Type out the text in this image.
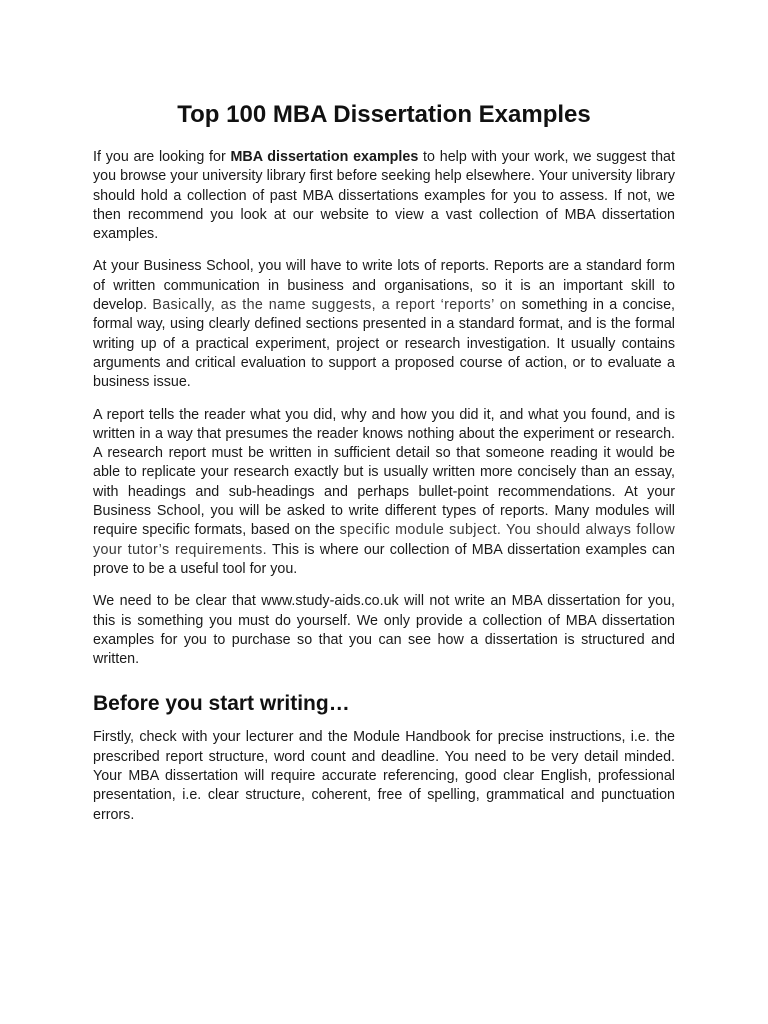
Top 100 MBA Dissertation Examples

If you are looking for MBA dissertation examples to help with your work, we suggest that you browse your university library first before seeking help elsewhere. Your university library should hold a collection of past MBA dissertations examples for you to assess. If not, we then recommend you look at our website to view a vast collection of MBA dissertation examples.

At your Business School, you will have to write lots of reports. Reports are a standard form of written communication in business and organisations, so it is an important skill to develop. Basically, as the name suggests, a report ‘reports’ on something in a concise, formal way, using clearly defined sections presented in a standard format, and is the formal writing up of a practical experiment, project or research investigation. It usually contains arguments and critical evaluation to support a proposed course of action, or to evaluate a business issue.

A report tells the reader what you did, why and how you did it, and what you found, and is written in a way that presumes the reader knows nothing about the experiment or research. A research report must be written in sufficient detail so that someone reading it would be able to replicate your research exactly but is usually written more concisely than an essay, with headings and sub-headings and perhaps bullet-point recommendations. At your Business School, you will be asked to write different types of reports. Many modules will require specific formats, based on the specific module subject. You should always follow your tutor’s requirements. This is where our collection of MBA dissertation examples can prove to be a useful tool for you.

We need to be clear that www.study-aids.co.uk will not write an MBA dissertation for you, this is something you must do yourself. We only provide a collection of MBA dissertation examples for you to purchase so that you can see how a dissertation is structured and written.

Before you start writing…

Firstly, check with your lecturer and the Module Handbook for precise instructions, i.e. the prescribed report structure, word count and deadline. You need to be very detail minded. Your MBA dissertation will require accurate referencing, good clear English, professional presentation, i.e. clear structure, coherent, free of spelling, grammatical and punctuation errors.
